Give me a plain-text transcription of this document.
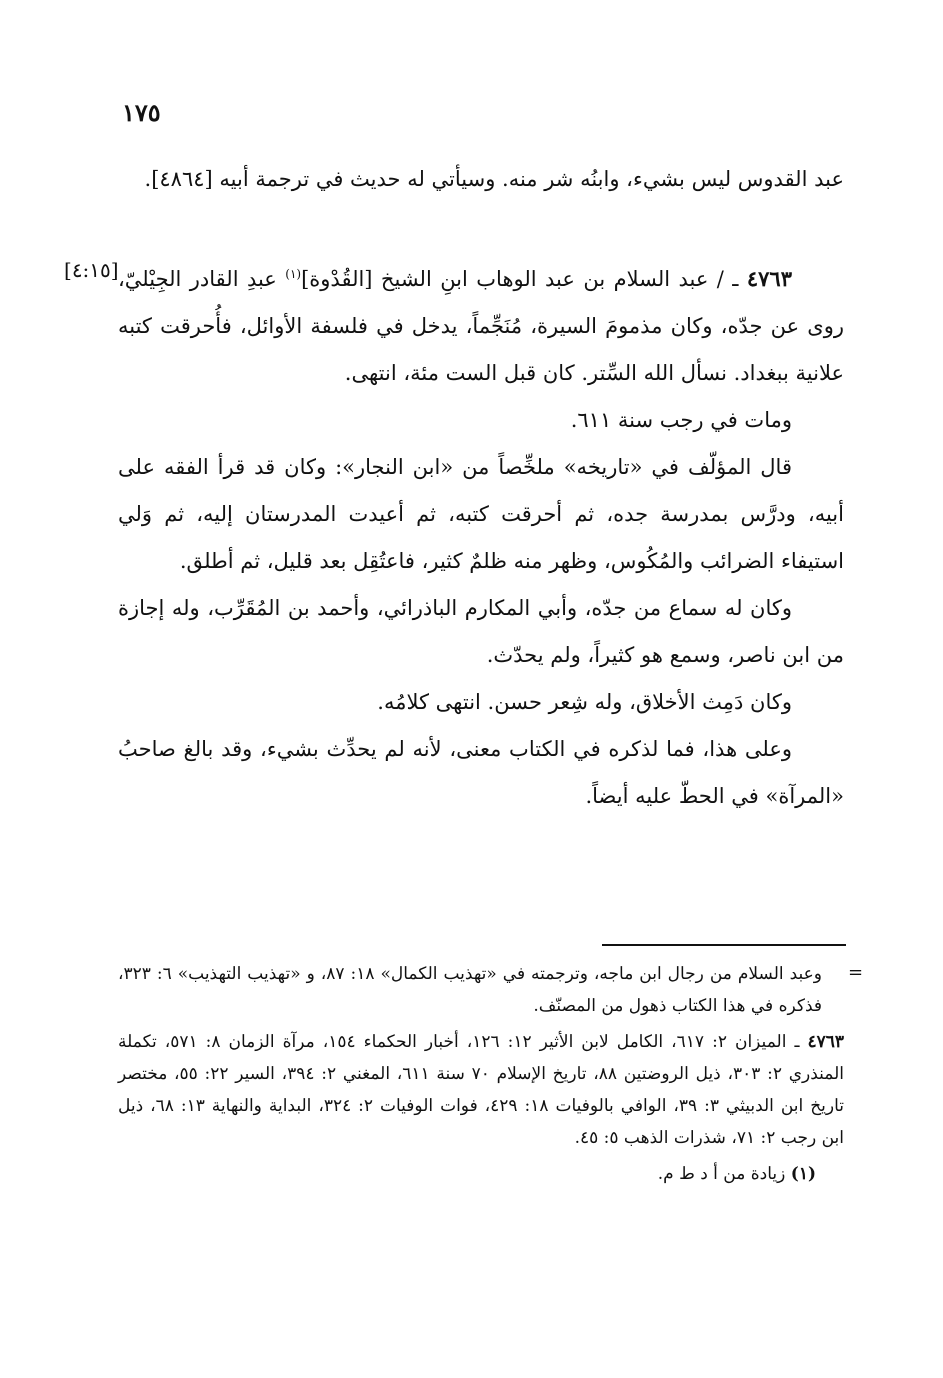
١٧٥

عبد القدوس ليس بشيء، وابنُه شر منه. وسيأتي له حديث في ترجمة أبيه [٤٨٦٤].

[٤:١٥]	٤٧٦٣ ـ / عبد السلام بن عبد الوهاب ابنِ الشيخ [القُدْوة]$^{(١)}$ عبدِ القادر الجِيْليّ، روى عن جدّه، وكان مذمومَ السيرة، مُنَجِّماً، يدخل في فلسفة الأوائل، فأُحرقت كتبه علانية ببغداد. نسأل الله السِّتر. كان قبل الست مئة، انتهى.

ومات في رجب سنة ٦١١.

قال المؤلّف في «تاريخه» ملخِّصاً من «ابن النجار»: وكان قد قرأ الفقه على أبيه، ودرَّس بمدرسة جده، ثم أحرقت كتبه، ثم أعيدت المدرستان إليه، ثم وَلي استيفاء الضرائب والمُكُوس، وظهر منه ظلمٌ كثير، فاعتُقِل بعد قليل، ثم أطلق.

وكان له سماع من جدّه، وأبي المكارم الباذرائي، وأحمد بن المُقَرِّب، وله إجازة من ابن ناصر، وسمع هو كثيراً، ولم يحدّث.

وكان دَمِث الأخلاق، وله شِعر حسن. انتهى كلامُه.

وعلى هذا، فما لذكره في الكتاب معنى، لأنه لم يحدِّث بشيء، وقد بالغ صاحبُ «المرآة» في الحطّ عليه أيضاً.

=

وعبد السلام من رجال ابن ماجه، وترجمته في «تهذيب الكمال» ١٨: ٨٧، و «تهذيب التهذيب» ٦: ٣٢٣، فذكره في هذا الكتاب ذهول من المصنّف.

٤٧٦٣ ـ الميزان ٢: ٦١٧، الكامل لابن الأثير ١٢: ١٢٦، أخبار الحكماء ١٥٤، مرآة الزمان ٨: ٥٧١، تكملة المنذري ٢: ٣٠٣، ذيل الروضتين ٨٨، تاريخ الإسلام ٧٠ سنة ٦١١، المغني ٢: ٣٩٤، السير ٢٢: ٥٥، مختصر تاريخ ابن الدبيثي ٣: ٣٩، الوافي بالوفيات ١٨: ٤٢٩، فوات الوفيات ٢: ٣٢٤، البداية والنهاية ١٣: ٦٨، ذيل ابن رجب ٢: ٧١، شذرات الذهب ٥: ٤٥.

(١) زيادة من أ د ط م.
